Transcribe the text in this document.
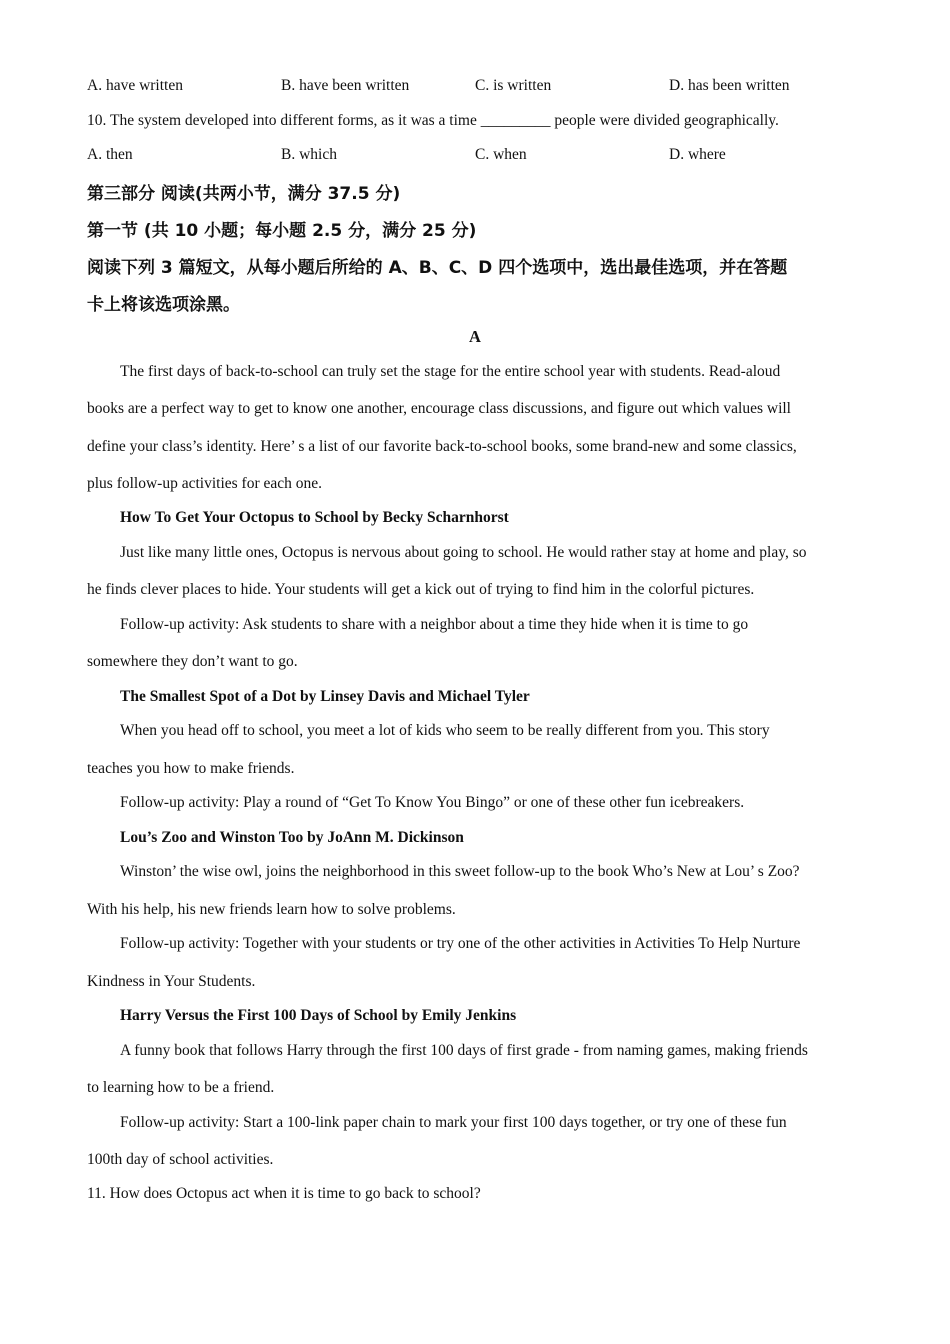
A. have written	B. have been written	C. is written	D. has been written
10. The system developed into different forms, as it was a time _________ people were divided geographically.
A. then	B. which	C. when	D. where
第三部分 阅读(共两小节，满分 37.5 分)
第一节 (共 10 小题；每小题 2.5 分，满分 25 分)
阅读下列 3 篇短文，从每小题后所给的 A、B、C、D 四个选项中，选出最佳选项，并在答题
卡上将该选项涂黑。
A
The first days of back-to-school can truly set the stage for the entire school year with students. Read-aloud
books are a perfect way to get to know one another, encourage class discussions, and figure out which values will
define your class’s identity. Here’ s a list of our favorite back-to-school books, some brand-new and some classics,
plus follow-up activities for each one.
How To Get Your Octopus to School by Becky Scharnhorst
Just like many little ones, Octopus is nervous about going to school. He would rather stay at home and play, so
he finds clever places to hide. Your students will get a kick out of trying to find him in the colorful pictures.
Follow-up activity: Ask students to share with a neighbor about a time they hide when it is time to go
somewhere they don’t want to go.
The Smallest Spot of a Dot by Linsey Davis and Michael Tyler
When you head off to school, you meet a lot of kids who seem to be really different from you. This story
teaches you how to make friends.
Follow-up activity: Play a round of “Get To Know You Bingo” or one of these other fun icebreakers.
Lou’s Zoo and Winston Too by JoAnn M. Dickinson
Winston’ the wise owl, joins the neighborhood in this sweet follow-up to the book Who’s New at Lou’ s Zoo?
With his help, his new friends learn how to solve problems.
Follow-up activity: Together with your students or try one of the other activities in Activities To Help Nurture
Kindness in Your Students.
Harry Versus the First 100 Days of School by Emily Jenkins
A funny book that follows Harry through the first 100 days of first grade - from naming games, making friends
to learning how to be a friend.
Follow-up activity: Start a 100-link paper chain to mark your first 100 days together, or try one of these fun
100th day of school activities.
11. How does Octopus act when it is time to go back to school?
